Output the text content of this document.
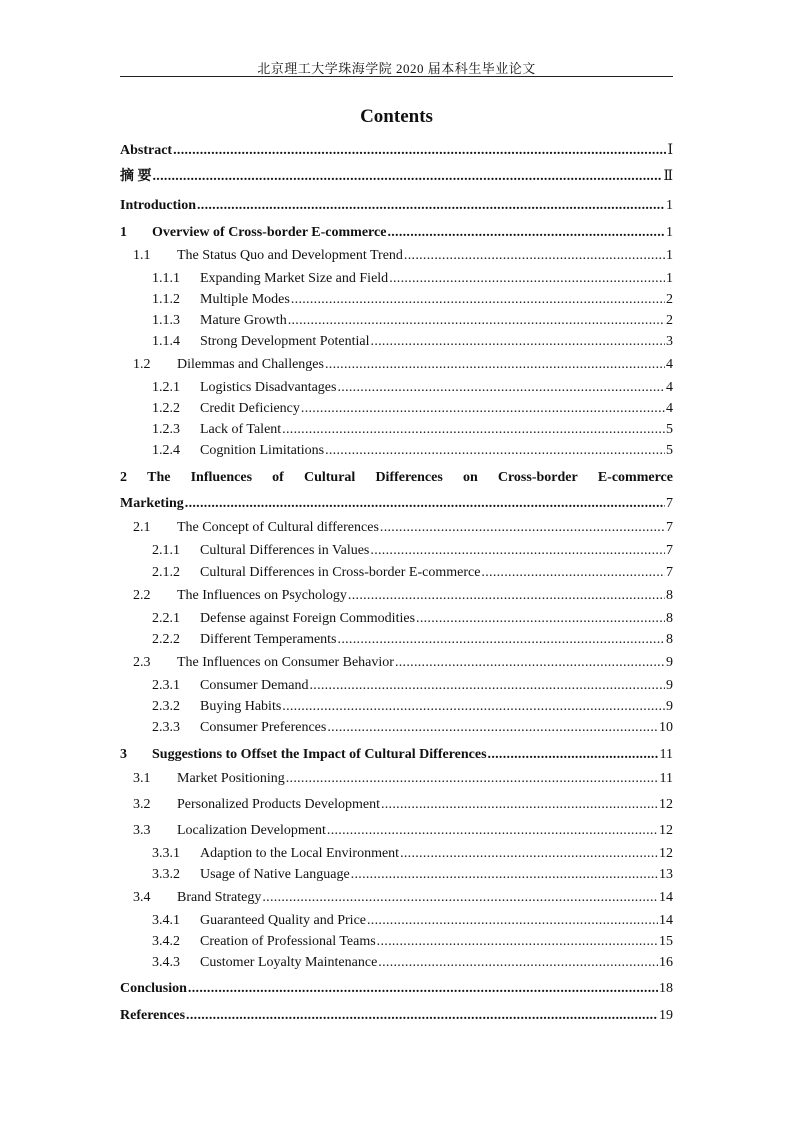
北京理工大学珠海学院 2020 届本科生毕业论文
Contents
Abstract .....	Ⅰ
摘 要 .....	Ⅱ
Introduction .....	1
1	Overview of Cross-border E-commerce .....	1
1.1	The Status Quo and Development Trend .....	1
1.1.1	Expanding Market Size and Field .....	1
1.1.2	Multiple Modes .....	2
1.1.3	Mature Growth .....	2
1.1.4	Strong Development Potential .....	3
1.2	Dilemmas and Challenges .....	4
1.2.1	Logistics Disadvantages .....	4
1.2.2	Credit Deficiency .....	4
1.2.3	Lack of Talent .....	5
1.2.4	Cognition Limitations .....	5
2 The Influences of Cultural Differences on Cross-border E-commerce
Marketing .....	7
2.1	The Concept of Cultural differences .....	7
2.1.1	Cultural Differences in Values .....	7
2.1.2	Cultural Differences in Cross-border E-commerce .....	7
2.2	The Influences on Psychology .....	8
2.2.1	Defense against Foreign Commodities .....	8
2.2.2	Different Temperaments .....	8
2.3	The Influences on Consumer Behavior .....	9
2.3.1	Consumer Demand .....	9
2.3.2	Buying Habits .....	9
2.3.3	Consumer Preferences .....	10
3	Suggestions to Offset the Impact of Cultural Differences .....	11
3.1	Market Positioning .....	11
3.2	Personalized Products Development .....	12
3.3	Localization Development .....	12
3.3.1	Adaption to the Local Environment .....	12
3.3.2	Usage of Native Language .....	13
3.4	Brand Strategy .....	14
3.4.1	Guaranteed Quality and Price .....	14
3.4.2	Creation of Professional Teams .....	15
3.4.3	Customer Loyalty Maintenance .....	16
Conclusion .....	18
References .....	19
